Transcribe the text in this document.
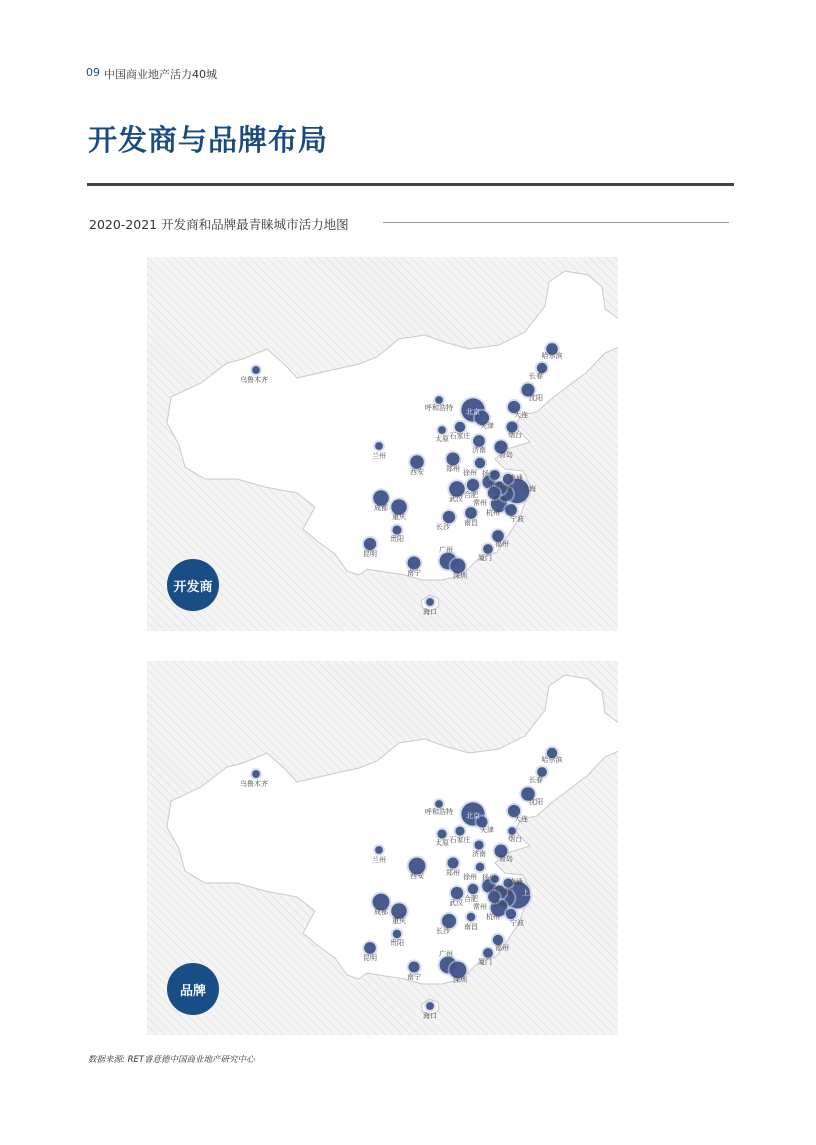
09 中国商业地产活力40城
开发商与品牌布局
2020-2021 开发商和品牌最青睐城市活力地图
哈尔滨
长春
沈阳
大连
北京
天津
烟台
呼和浩特
太原 石家庄
济南
青岛
乌鲁木齐
兰州
西安	郑州 徐州 扬州 南通
南京
合肥
无锡 上海
苏州
常州
杭州
宁波
武汉
成都
重庆
长沙 南昌
贵阳
福州
昆明	厦门
广州
深圳
南宁
海口
开发商
哈尔滨
长春
沈阳
大连
北京
天津
烟台
呼和浩特
太原 石家庄
济南
青岛
乌鲁木齐
兰州
西安	郑州 徐州 扬州 南通
南京
合肥
无锡 上海
苏州
常州
杭州
宁波
武汉
成都
重庆
长沙 南昌
贵阳
福州
昆明	厦门
广州
深圳
南宁
海口
品牌
数据来源: RET睿意德中国商业地产研究中心
